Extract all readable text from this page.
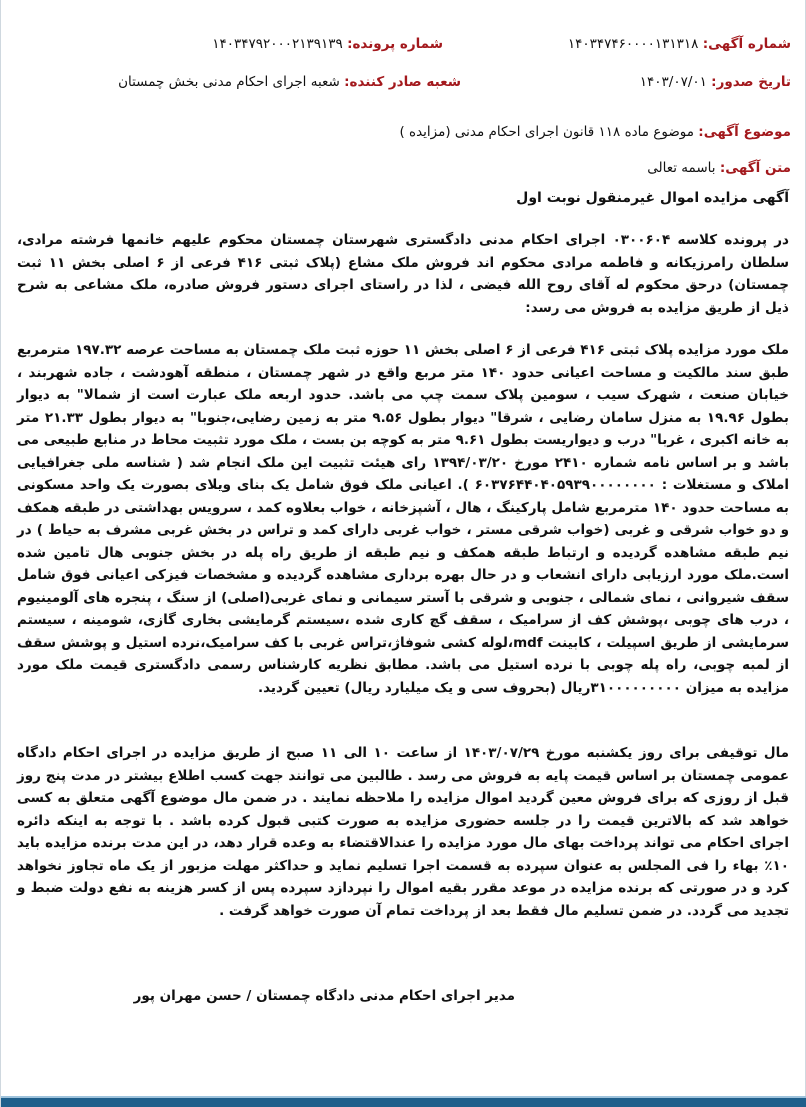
شماره آگهی: ۱۴۰۳۴۷۴۶۰۰۰۰۱۳۱۳۱۸
شماره پرونده: ۱۴۰۳۴۷۹۲۰۰۰۲۱۳۹۱۳۹
تاریخ صدور: ۱۴۰۳/۰۷/۰۱
شعبه صادر کننده: شعبه اجرای احکام مدنی بخش چمستان
موضوع آگهی: موضوع ماده ۱۱۸ قانون اجرای احکام مدنی (مزایده )
متن آگهی: باسمه تعالی
آگهی مزایده اموال غیرمنقول نوبت اول

در پرونده کلاسه ۰۳۰۰۶۰۴ اجرای احکام مدنی دادگستری شهرستان چمستان محکوم علیهم خانمها فرشته مرادی، سلطان رامرزیکانه و فاطمه مرادی محکوم اند فروش ملک مشاع (پلاک ثبتی ۴۱۶ فرعی از ۶ اصلی بخش ۱۱ ثبت چمستان) درحق محکوم له آقای روح الله فیضی ، لذا در راستای اجرای دستور فروش صادره، ملک مشاعی به شرح ذیل از طریق مزایده به فروش می رسد:

ملک مورد مزایده پلاک ثبتی ۴۱۶ فرعی از ۶ اصلی بخش ۱۱ حوزه ثبت ملک چمستان به مساحت عرصه ۱۹۷.۳۲ مترمربع طبق سند مالکیت و مساحت اعیانی حدود ۱۴۰ متر مربع واقع در شهر چمستان ، منطقه آهودشت ، جاده شهربند ، خیابان صنعت ، شهرک سیب ، سومین پلاک سمت چپ می باشد. حدود اربعه ملک عبارت است از شمالا" به دیوار بطول ۱۹.۹۶ به منزل سامان رضایی ، شرقا" دیوار بطول ۹.۵۶ متر به زمین رضایی،جنوبا" به دیوار بطول ۲۱.۳۳ متر به خانه اکبری ، غربا" درب و دیواریست بطول ۹.۶۱ متر به کوچه بن بست ، ملک مورد تثبیت محاط در منابع طبیعی می باشد و بر اساس نامه شماره ۲۴۱۰ مورخ ۱۳۹۴/۰۳/۲۰ رای هیئت تثبیت این ملک انجام شد ( شناسه ملی جغرافیایی املاک و مستغلات : ۶۰۳۷۶۴۴۰۴۰۵۹۳۹۰۰۰۰۰۰۰۰ ). اعیانی ملک فوق شامل یک بنای ویلای بصورت یک واحد مسکونی به مساحت حدود ۱۴۰ مترمربع شامل پارکینگ ، هال ، آشپزخانه ، خواب بعلاوه کمد ، سرویس بهداشتی در طبقه همکف و دو خواب شرقی و غربی (خواب شرقی مستر ، خواب غربی دارای کمد و تراس در بخش غربی مشرف به حیاط ) در نیم طبقه مشاهده گردیده و ارتباط طبقه همکف و نیم طبقه از طریق راه پله در بخش جنوبی هال تامین شده است.ملک مورد ارزیابی دارای انشعاب و در حال بهره برداری مشاهده گردیده و مشخصات فیزکی اعیانی فوق شامل سقف شیروانی ، نمای شمالی ، جنوبی و شرقی با آستر سیمانی و نمای غربی(اصلی) از سنگ ، پنجره های آلومینیوم ، درب های چوبی ،پوشش کف از سرامیک ، سقف گچ کاری شده ،سیستم گرمایشی بخاری گازی، شومینه ، سیستم سرمایشی از طریق اسپیلت ، کابینت mdf،لوله کشی شوفاژ،تراس غربی با کف سرامیک،نرده استیل و پوشش سقف از لمبه چوبی، راه پله چوبی با نرده استیل می باشد. مطابق نظریه کارشناس رسمی دادگستری قیمت ملک مورد مزایده به میزان ۳۱۰۰۰۰۰۰۰۰۰ریال (بحروف سی و یک میلیارد ریال) تعیین گردید.

مال توقیفی برای روز یکشنبه مورخ ۱۴۰۳/۰۷/۲۹ از ساعت ۱۰ الی ۱۱ صبح از طریق مزایده در اجرای احکام دادگاه عمومی چمستان بر اساس قیمت پایه به فروش می رسد . طالبین می توانند جهت کسب اطلاع بیشتر در مدت پنج روز قبل از روزی که برای فروش معین گردید اموال مزایده را ملاحظه نمایند . در ضمن مال موضوع آگهی متعلق به کسی خواهد شد که بالاترین قیمت را در جلسه حضوری مزایده به صورت کتبی قبول کرده باشد . با توجه به اینکه دائره اجرای احکام می تواند پرداخت بهای مال مورد مزایده را عندالاقتضاء به وعده قرار دهد، در این مدت برنده مزایده باید ۱۰٪ بهاء را فی المجلس به عنوان سپرده به قسمت اجرا تسلیم نماید و حداکثر مهلت مزبور از یک ماه تجاوز نخواهد کرد و در صورتی که برنده مزایده در موعد مقرر بقیه اموال را نپردازد سپرده پس از کسر هزینه به نفع دولت ضبط و تجدید می گردد. در ضمن تسلیم مال فقط بعد از پرداخت تمام آن صورت خواهد گرفت .

مدیر اجرای احکام مدنی دادگاه چمستان / حسن مهران پور
